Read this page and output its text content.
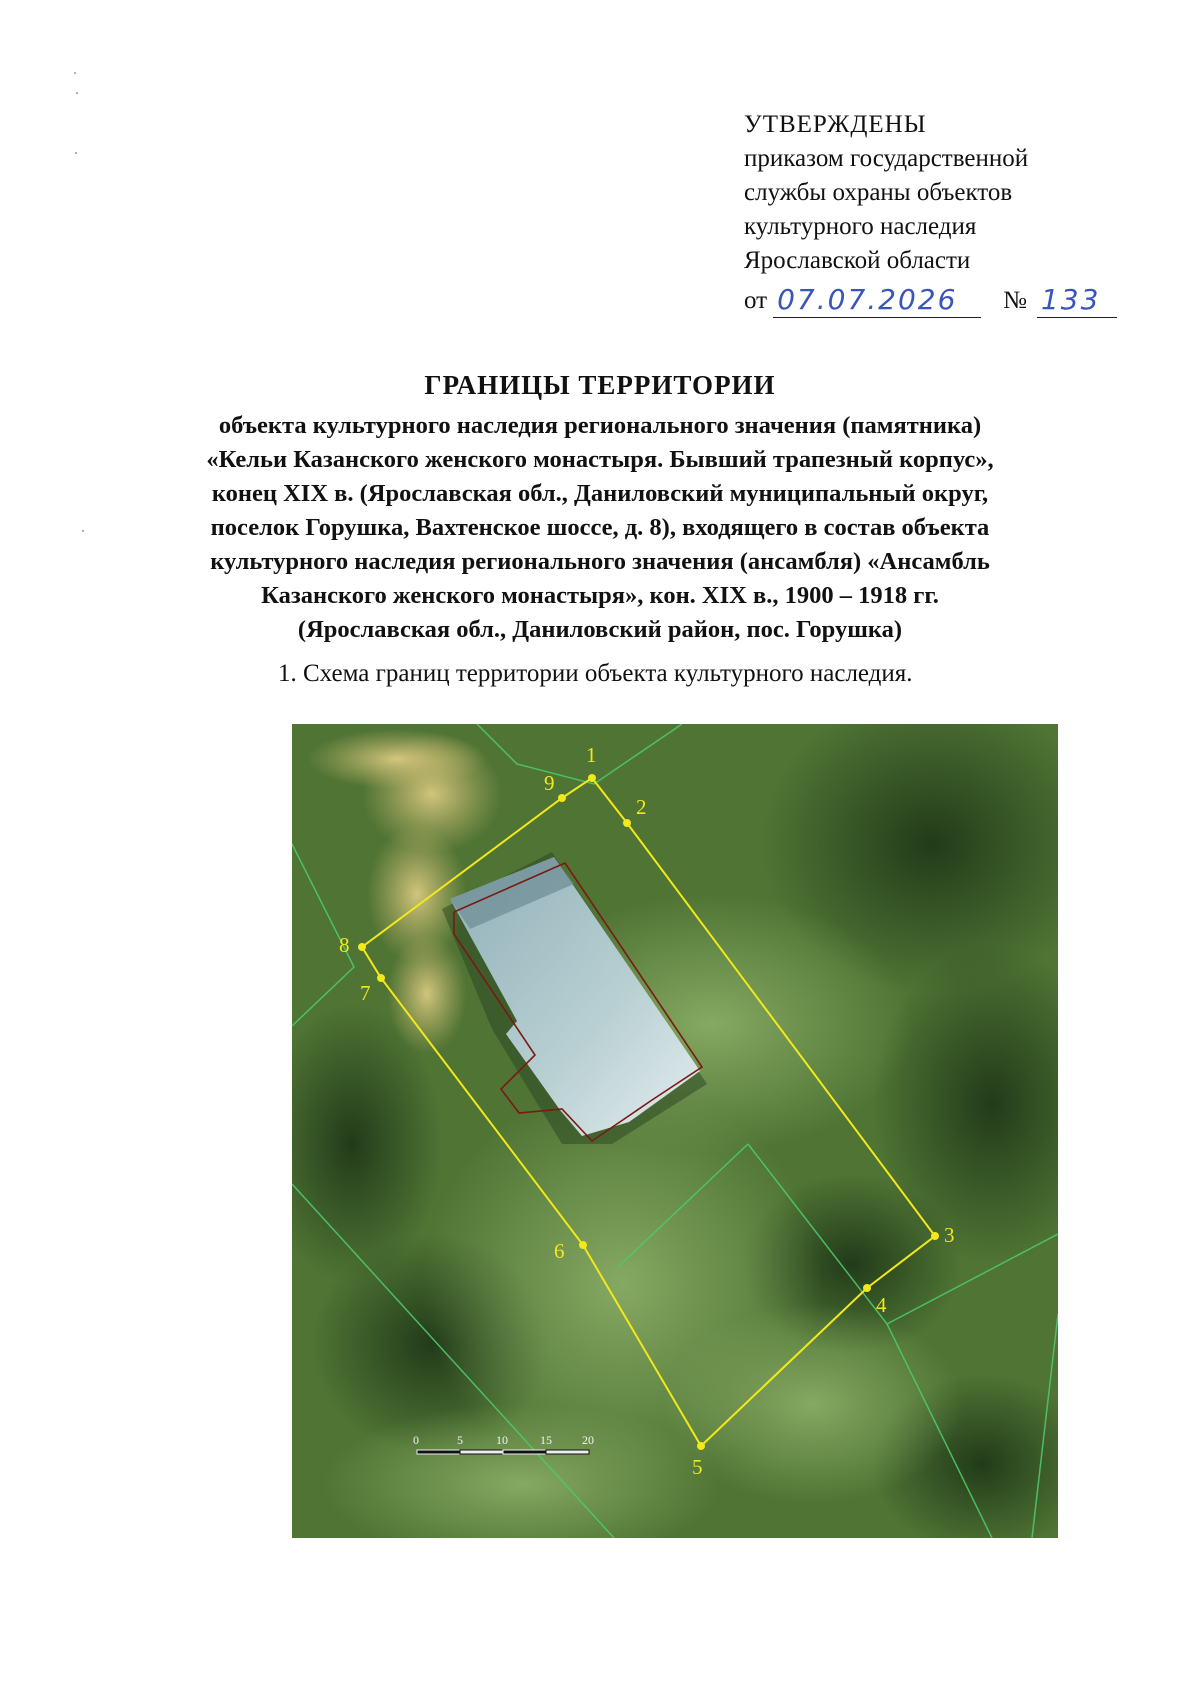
УТВЕРЖДЕНЫ
приказом государственной
службы охраны объектов
культурного наследия
Ярославской области
от 07.07.2026	№ 133
ГРАНИЦЫ ТЕРРИТОРИИ
объекта культурного наследия регионального значения (памятника)
«Кельи Казанского женского монастыря. Бывший трапезный корпус»,
конец XIX в. (Ярославская обл., Даниловский муниципальный округ,
поселок Горушка, Вахтенское шоссе, д. 8), входящего в состав объекта
культурного наследия регионального значения (ансамбля) «Ансамбль
Казанского женского монастыря», кон. XIX в., 1900 – 1918 гг.
(Ярославская обл., Даниловский район, пос. Горушка)
1. Схема границ территории объекта культурного наследия.
1
2
3
4
5
6
7
8
9
0	5	10	15	20
